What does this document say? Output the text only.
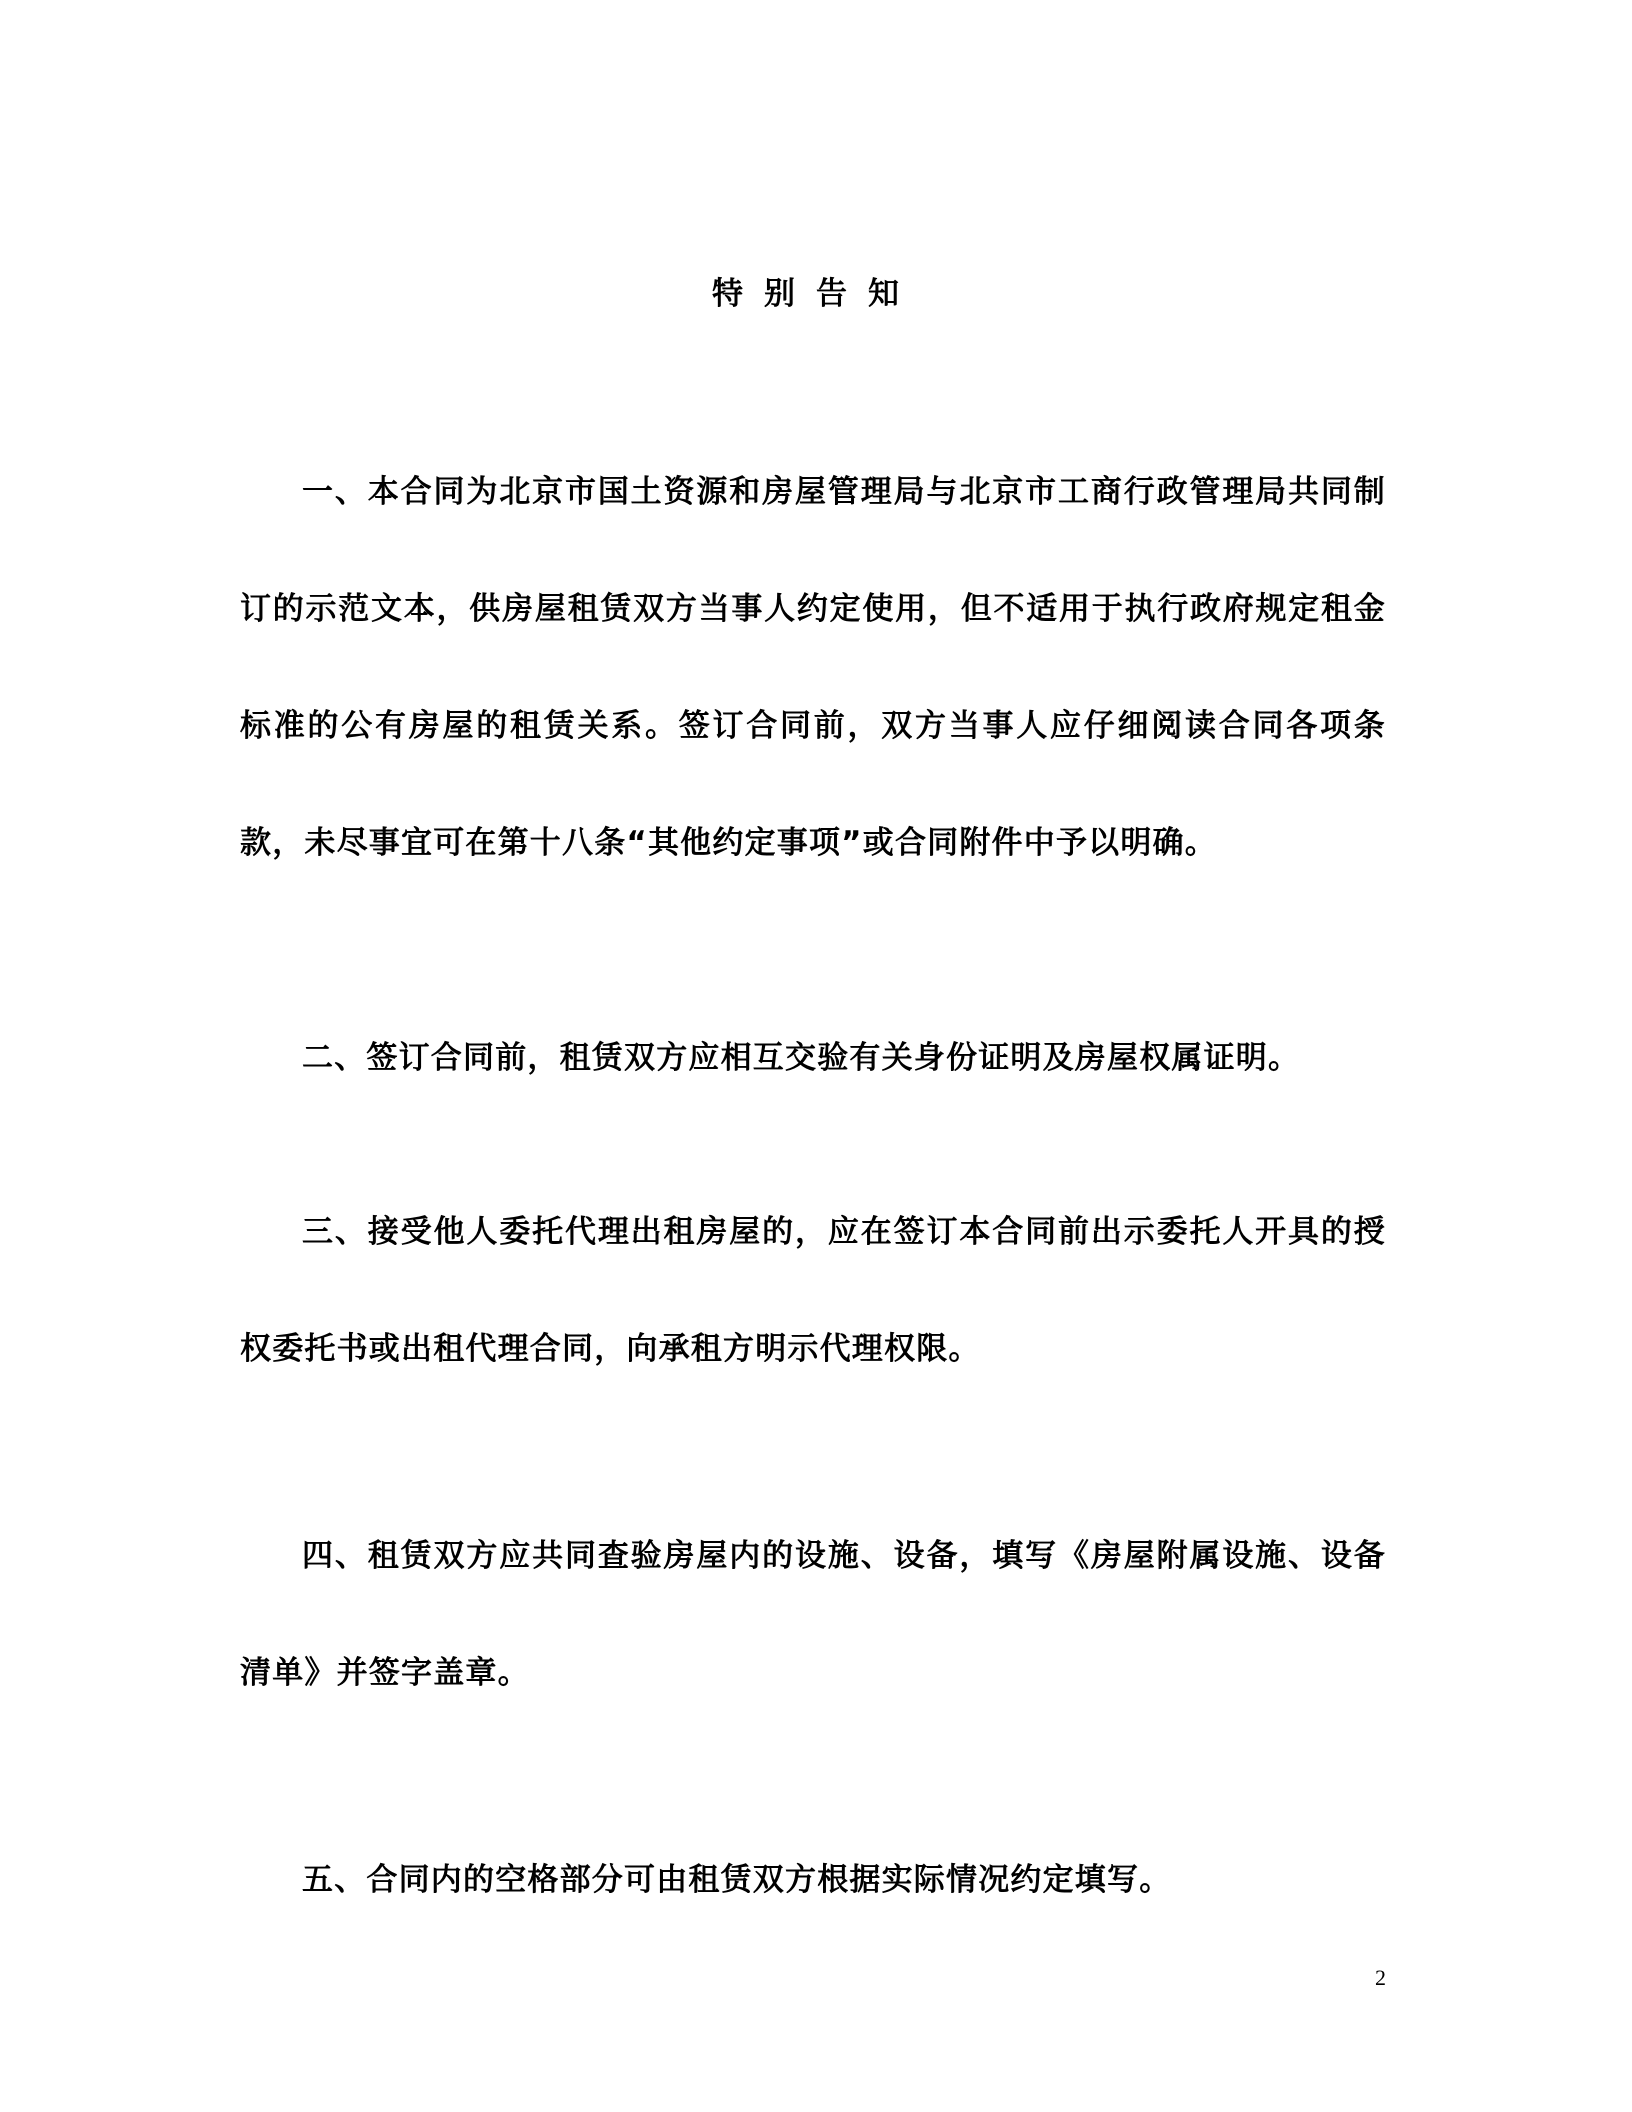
特别告知

一、本合同为北京市国土资源和房屋管理局与北京市工商行政管理局共同制订的示范文本，供房屋租赁双方当事人约定使用，但不适用于执行政府规定租金标准的公有房屋的租赁关系。签订合同前，双方当事人应仔细阅读合同各项条款，未尽事宜可在第十八条“其他约定事项”或合同附件中予以明确。

二、签订合同前，租赁双方应相互交验有关身份证明及房屋权属证明。

三、接受他人委托代理出租房屋的，应在签订本合同前出示委托人开具的授权委托书或出租代理合同，向承租方明示代理权限。

四、租赁双方应共同查验房屋内的设施、设备，填写《房屋附属设施、设备清单》并签字盖章。

五、合同内的空格部分可由租赁双方根据实际情况约定填写。

2
